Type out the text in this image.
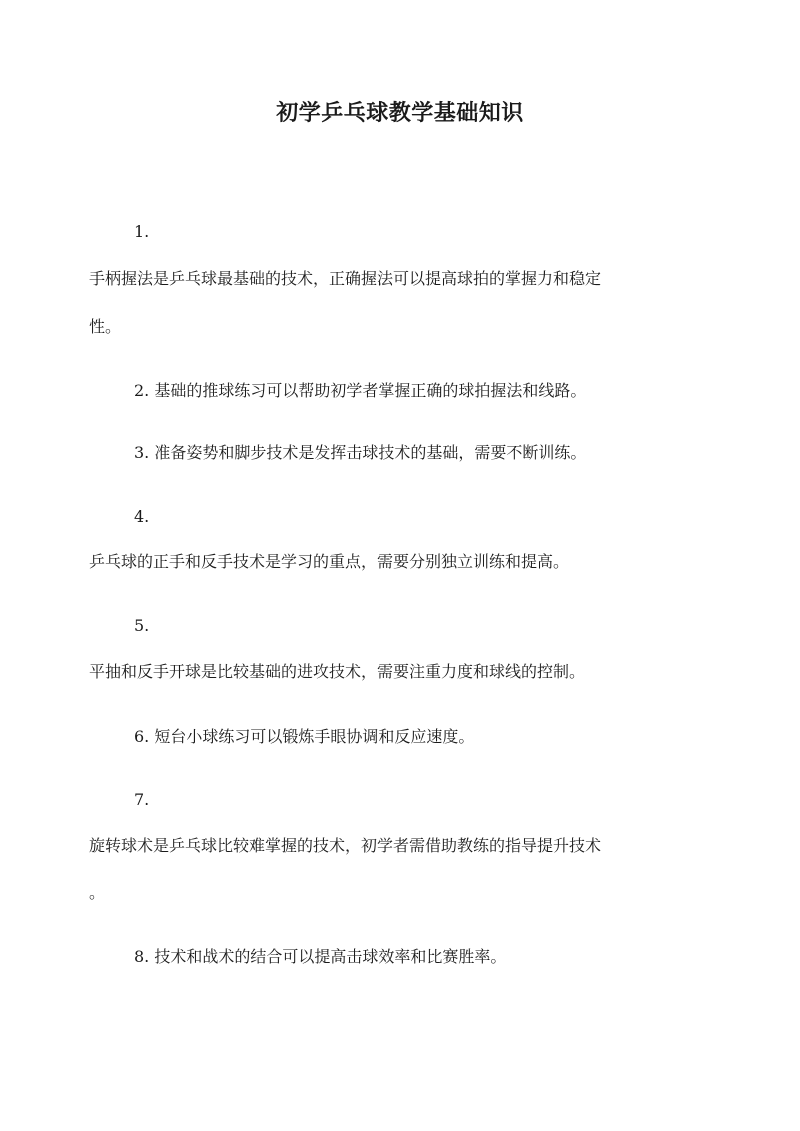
初学乒乓球教学基础知识
1.
手柄握法是乒乓球最基础的技术，正确握法可以提高球拍的掌握力和稳定
性。
2. 基础的推球练习可以帮助初学者掌握正确的球拍握法和线路。
3. 准备姿势和脚步技术是发挥击球技术的基础，需要不断训练。
4.
乒乓球的正手和反手技术是学习的重点，需要分别独立训练和提高。
5.
平抽和反手开球是比较基础的进攻技术，需要注重力度和球线的控制。
6. 短台小球练习可以锻炼手眼协调和反应速度。
7.
旋转球术是乒乓球比较难掌握的技术，初学者需借助教练的指导提升技术
。
8. 技术和战术的结合可以提高击球效率和比赛胜率。
